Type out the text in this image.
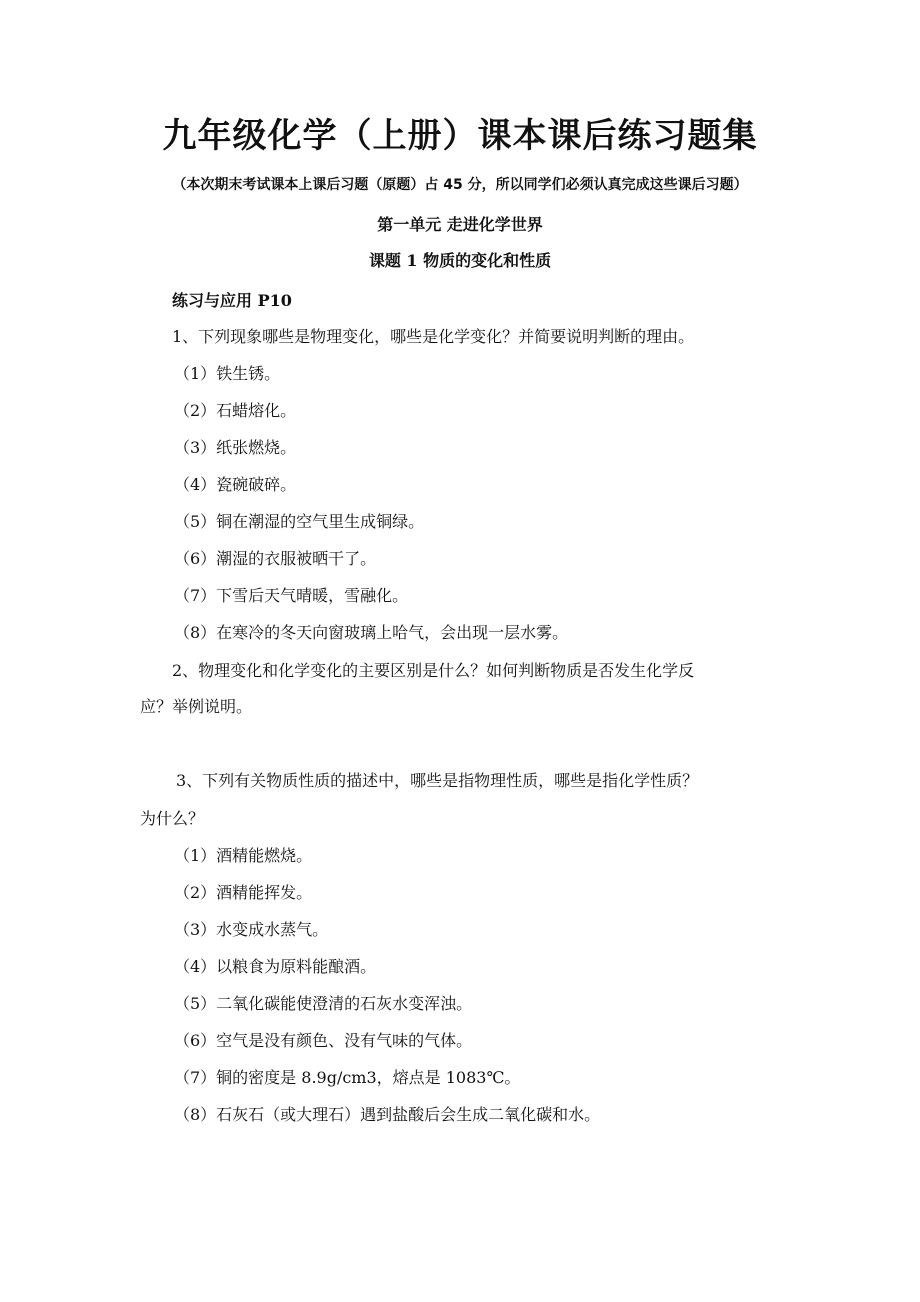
九年级化学（上册）课本课后练习题集
（本次期末考试课本上课后习题（原题）占 45 分，所以同学们必须认真完成这些课后习题）
第一单元 走进化学世界
课题 1 物质的变化和性质
练习与应用 P10
1、下列现象哪些是物理变化，哪些是化学变化？并简要说明判断的理由。
（1）铁生锈。
（2）石蜡熔化。
（3）纸张燃烧。
（4）瓷碗破碎。
（5）铜在潮湿的空气里生成铜绿。
（6）潮湿的衣服被晒干了。
（7）下雪后天气晴暖，雪融化。
（8）在寒冷的冬天向窗玻璃上哈气，会出现一层水雾。
2、物理变化和化学变化的主要区别是什么？如何判断物质是否发生化学反
应？举例说明。
3、下列有关物质性质的描述中，哪些是指物理性质，哪些是指化学性质？
为什么？
（1）酒精能燃烧。
（2）酒精能挥发。
（3）水变成水蒸气。
（4）以粮食为原料能酿酒。
（5）二氧化碳能使澄清的石灰水变浑浊。
（6）空气是没有颜色、没有气味的气体。
（7）铜的密度是 8.9g/cm3，熔点是 1083℃。
（8）石灰石（或大理石）遇到盐酸后会生成二氧化碳和水。
